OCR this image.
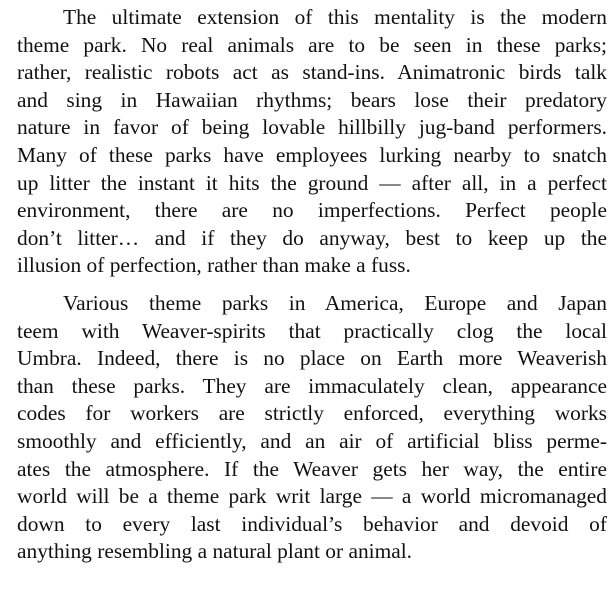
The ultimate extension of this mentality is the modern
theme park. No real animals are to be seen in these parks;
rather, realistic robots act as stand-ins. Animatronic birds talk
and sing in Hawaiian rhythms; bears lose their predatory
nature in favor of being lovable hillbilly jug-band performers.
Many of these parks have employees lurking nearby to snatch
up litter the instant it hits the ground — after all, in a perfect
environment, there are no imperfections. Perfect people
don’t litter… and if they do anyway, best to keep up the
illusion of perfection, rather than make a fuss.

Various theme parks in America, Europe and Japan
teem with Weaver-spirits that practically clog the local
Umbra. Indeed, there is no place on Earth more Weaverish
than these parks. They are immaculately clean, appearance
codes for workers are strictly enforced, everything works
smoothly and efficiently, and an air of artificial bliss perme-
ates the atmosphere. If the Weaver gets her way, the entire
world will be a theme park writ large — a world micromanaged
down to every last individual’s behavior and devoid of
anything resembling a natural plant or animal.
